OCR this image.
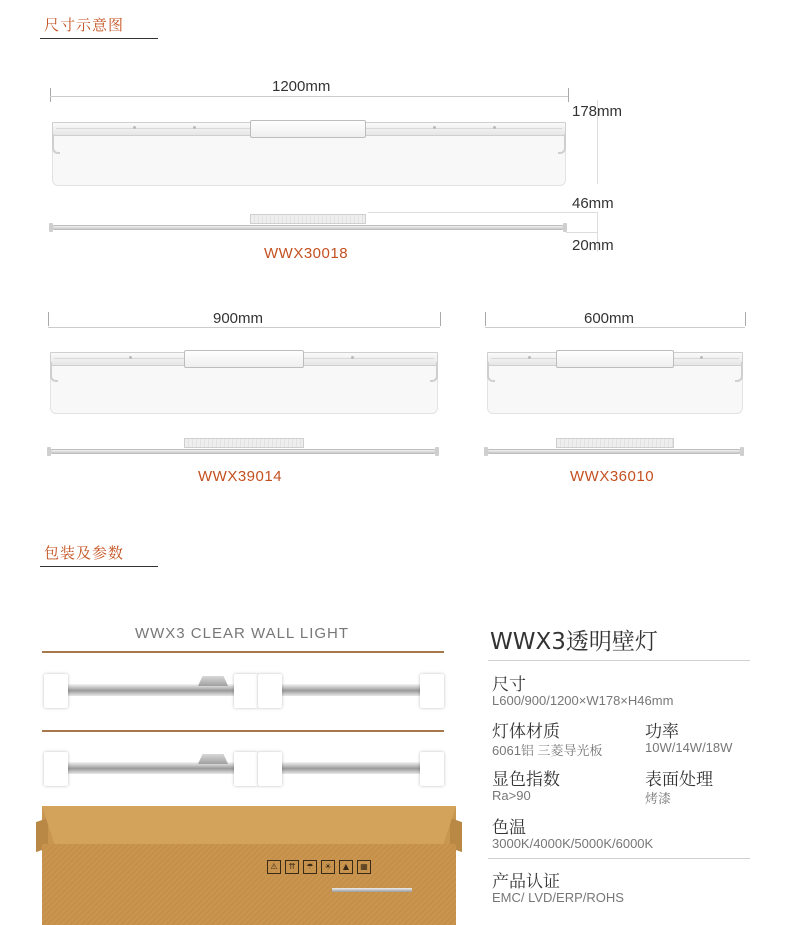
尺寸示意图
1200mm
178mm
46mm
20mm
WWX30018
900mm
WWX39014
600mm
WWX36010
包装及参数
WWX3 CLEAR WALL LIGHT
⚠	⇈	☂	☀	▲	▦
WWX3透明壁灯
尺寸
L600/900/1200×W178×H46mm
灯体材质
6061铝 三菱导光板
功率
10W/14W/18W
显色指数
Ra>90
表面处理
烤漆
色温
3000K/4000K/5000K/6000K
产品认证
EMC/ LVD/ERP/ROHS
